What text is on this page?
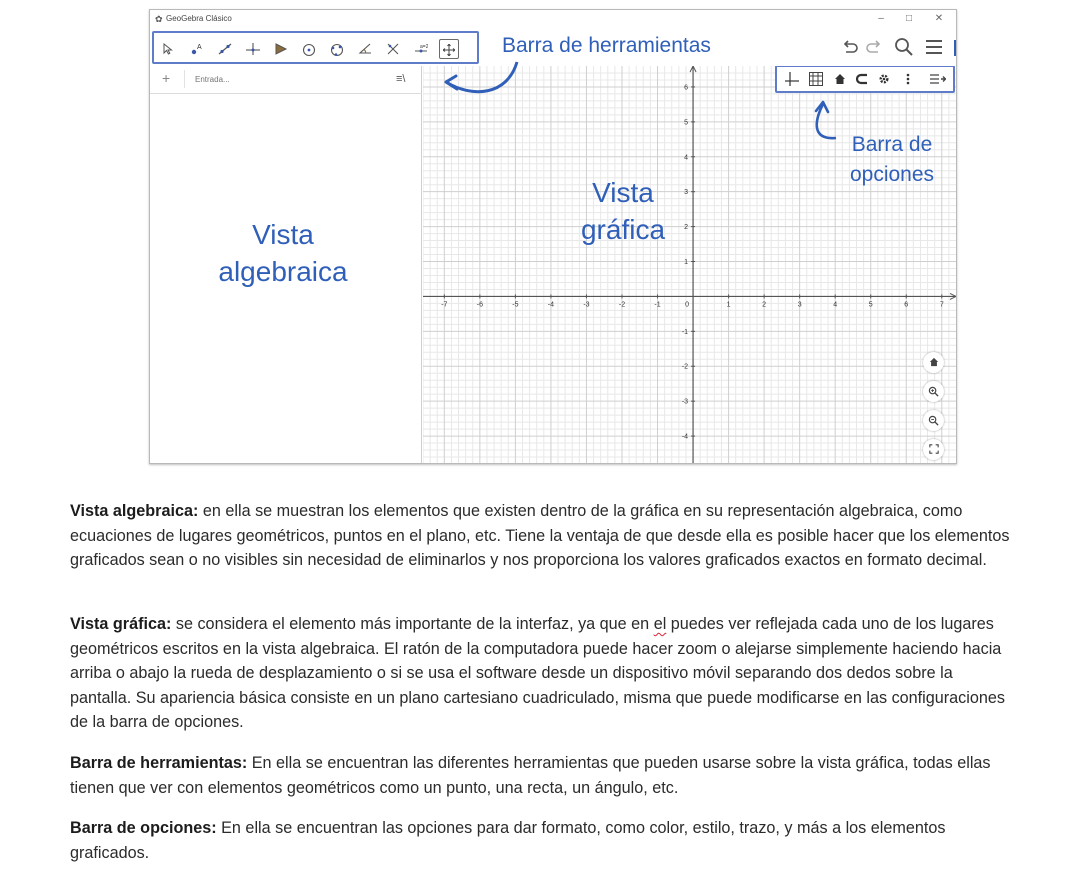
✿ GeoGebra Clásico	–	□	✕
A	a=2	Barra de herramientas
+
Entrada...	≡\
Vista
algebraica
-7	-6	-5	-4	-3	-2	-1	0	1	2	3	4	5	6	7
6
5
4
3
2
1
-1
-2
-3
-4
Vista
gráfica
Barra de
opciones

Vista algebraica: en ella se muestran los elementos que existen dentro de la gráfica en su representación algebraica, como ecuaciones de lugares geométricos, puntos en el plano, etc. Tiene la ventaja de que desde ella es posible hacer que los elementos graficados sean o no visibles sin necesidad de eliminarlos y nos proporciona los valores graficados exactos en formato decimal.

Vista gráfica: se considera el elemento más importante de la interfaz, ya que en el puedes ver reflejada cada uno de los lugares geométricos escritos en la vista algebraica. El ratón de la computadora puede hacer zoom o alejarse simplemente haciendo hacia arriba o abajo la rueda de desplazamiento o si se usa el software desde un dispositivo móvil separando dos dedos sobre la pantalla. Su apariencia básica consiste en un plano cartesiano cuadriculado, misma que puede modificarse en las configuraciones de la barra de opciones.

Barra de herramientas: En ella se encuentran las diferentes herramientas que pueden usarse sobre la vista gráfica, todas ellas tienen que ver con elementos geométricos como un punto, una recta, un ángulo, etc.

Barra de opciones: En ella se encuentran las opciones para dar formato, como color, estilo, trazo, y más a los elementos graficados.
